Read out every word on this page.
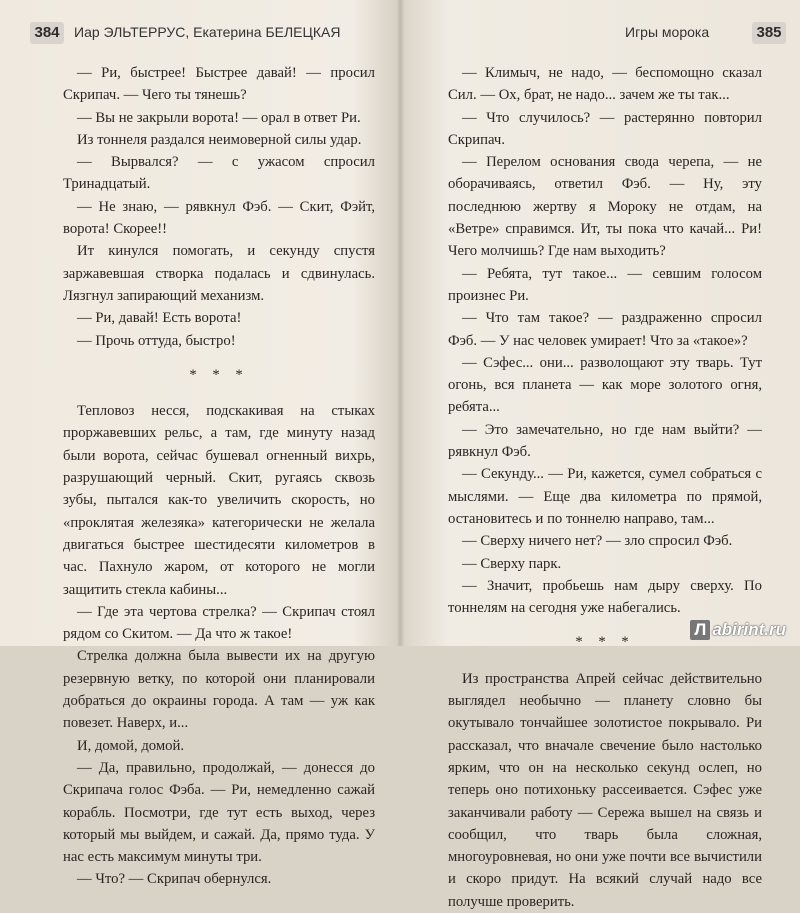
384	Иар ЭЛЬТЕРРУС, Екатерина БЕЛЕЦКАЯ

— Ри, быстрее! Быстрее давай! — просил Скрипач. — Чего ты тянешь?

— Вы не закрыли ворота! — орал в ответ Ри.

Из тоннеля раздался неимоверной силы удар.

— Вырвался? — с ужасом спросил Тринадцатый.

— Не знаю, — рявкнул Фэб. — Скит, Фэйт, ворота! Скорее!!

Ит кинулся помогать, и секунду спустя заржавевшая створка подалась и сдвинулась. Лязгнул запирающий механизм.

— Ри, давай! Есть ворота!

— Прочь оттуда, быстро!

* * *

Тепловоз несся, подскакивая на стыках проржавевших рельс, а там, где минуту назад были ворота, сейчас бушевал огненный вихрь, разрушающий черный. Скит, ругаясь сквозь зубы, пытался как-то увеличить скорость, но «проклятая железяка» категорически не желала двигаться быстрее шестидесяти километров в час. Пахнуло жаром, от которого не могли защитить стекла кабины...

— Где эта чертова стрелка? — Скрипач стоял рядом со Скитом. — Да что ж такое!

Стрелка должна была вывести их на другую резервную ветку, по которой они планировали добраться до окраины города. А там — уж как повезет. Наверх, и...

И, домой, домой.

— Да, правильно, продолжай, — донесся до Скрипача голос Фэба. — Ри, немедленно сажай корабль. Посмотри, где тут есть выход, через который мы выйдем, и сажай. Да, прямо туда. У нас есть максимум минуты три.

— Что? — Скрипач обернулся.

Игры морока	385

— Климыч, не надо, — беспомощно сказал Сил. — Ох, брат, не надо... зачем же ты так...

— Что случилось? — растерянно повторил Скрипач.

— Перелом основания свода черепа, — не оборачиваясь, ответил Фэб. — Ну, эту последнюю жертву я Мороку не отдам, на «Ветре» справимся. Ит, ты пока что качай... Ри! Чего молчишь? Где нам выходить?

— Ребята, тут такое... — севшим голосом произнес Ри.

— Что там такое? — раздраженно спросил Фэб. — У нас человек умирает! Что за «такое»?

— Сэфес... они... разволощают эту тварь. Тут огонь, вся планета — как море золотого огня, ребята...

— Это замечательно, но где нам выйти? — рявкнул Фэб.

— Секунду... — Ри, кажется, сумел собраться с мыслями. — Еще два километра по прямой, остановитесь и по тоннелю направо, там...

— Сверху ничего нет? — зло спросил Фэб.

— Сверху парк.

— Значит, пробьешь нам дыру сверху. По тоннелям на сегодня уже набегались.

* * *

Из пространства Апрей сейчас действительно выглядел необычно — планету словно бы окутывало тончайшее золотистое покрывало. Ри рассказал, что вначале свечение было настолько ярким, что он на несколько секунд ослеп, но теперь оно потихоньку рассеивается. Сэфес уже заканчивали работу — Сережа вышел на связь и сообщил, что тварь была сложная, многоуровневая, но они уже почти все вычистили и скоро придут. На всякий случай надо все получше проверить.

Л abirint.ru
